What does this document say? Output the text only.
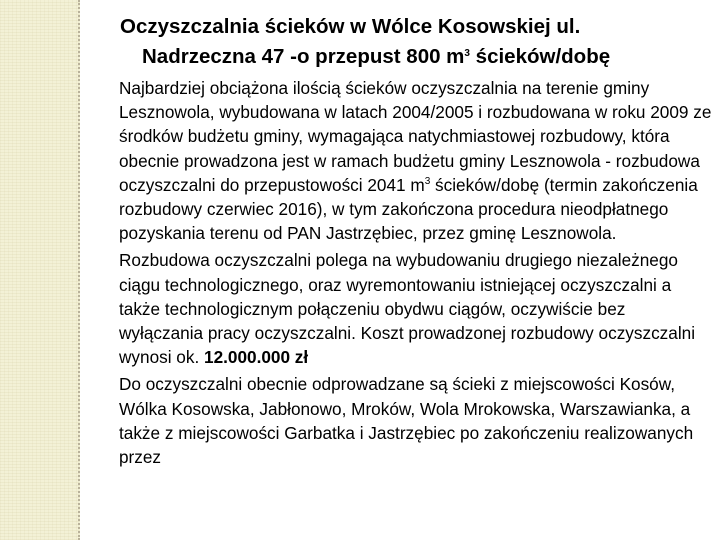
Oczyszczalnia ścieków w Wólce Kosowskiej ul.
Nadrzeczna 47 -o przepust 800 $m^3$ ścieków/dobę

Najbardziej obciążona ilością ścieków oczyszczalnia na terenie gminy Lesznowola, wybudowana w latach 2004/2005 i rozbudowana w roku 2009 ze środków budżetu gminy, wymagająca natychmiastowej rozbudowy, która obecnie prowadzona jest w ramach budżetu gminy Lesznowola - rozbudowa oczyszczalni do przepustowości 2041 $m^3$ ścieków/dobę (termin zakończenia rozbudowy czerwiec 2016), w tym zakończona procedura nieodpłatnego pozyskania terenu od PAN Jastrzębiec, przez gminę Lesznowola.

Rozbudowa oczyszczalni polega na wybudowaniu drugiego niezależnego ciągu technologicznego, oraz wyremontowaniu istniejącej oczyszczalni a także technologicznym połączeniu obydwu ciągów, oczywiście bez wyłączania pracy oczyszczalni. Koszt prowadzonej rozbudowy oczyszczalni wynosi ok. 12.000.000 zł

Do oczyszczalni obecnie odprowadzane są ścieki z miejscowości Kosów, Wólka Kosowska, Jabłonowo, Mroków, Wola Mrokowska, Warszawianka, a także z miejscowości Garbatka i Jastrzębiec po zakończeniu realizowanych przez
